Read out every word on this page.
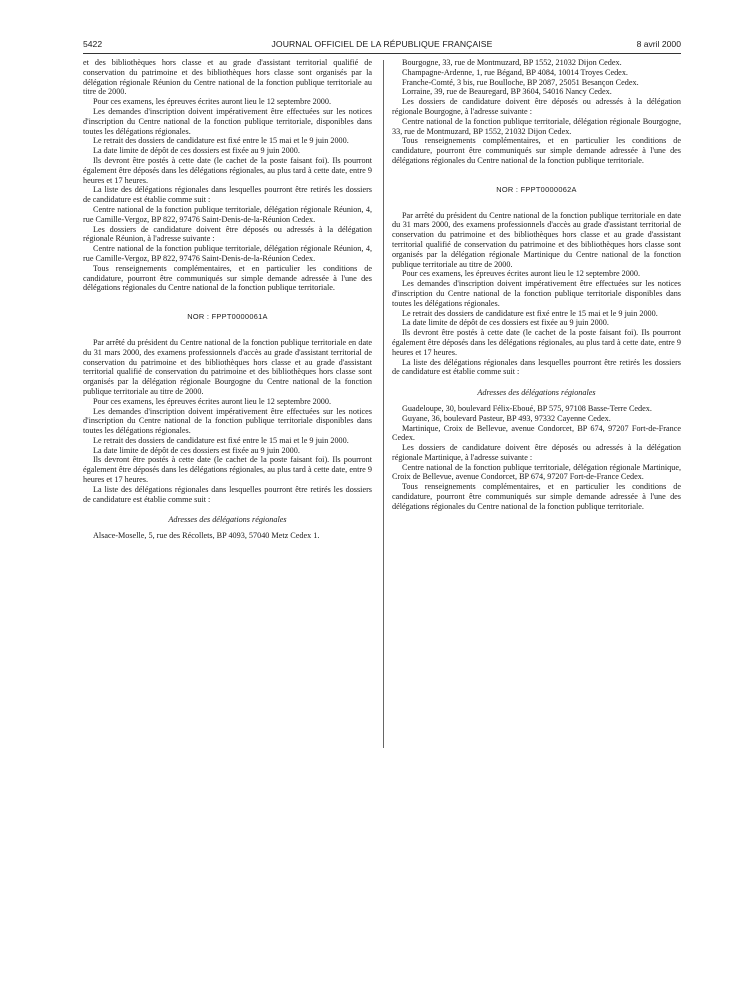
5422	JOURNAL OFFICIEL DE LA RÉPUBLIQUE FRANÇAISE	8 avril 2000

et des bibliothèques hors classe et au grade d'assistant territorial qualifié de conservation du patrimoine et des bibliothèques hors classe sont organisés par la délégation régionale Réunion du Centre national de la fonction publique territoriale au titre de 2000.

Pour ces examens, les épreuves écrites auront lieu le 12 septembre 2000.

Les demandes d'inscription doivent impérativement être effectuées sur les notices d'inscription du Centre national de la fonction publique territoriale, disponibles dans toutes les délégations régionales.

Le retrait des dossiers de candidature est fixé entre le 15 mai et le 9 juin 2000.

La date limite de dépôt de ces dossiers est fixée au 9 juin 2000.

Ils devront être postés à cette date (le cachet de la poste faisant foi). Ils pourront également être déposés dans les délégations régionales, au plus tard à cette date, entre 9 heures et 17 heures.

La liste des délégations régionales dans lesquelles pourront être retirés les dossiers de candidature est établie comme suit :

Centre national de la fonction publique territoriale, délégation régionale Réunion, 4, rue Camille-Vergoz, BP 822, 97476 Saint-Denis-de-la-Réunion Cedex.

Les dossiers de candidature doivent être déposés ou adressés à la délégation régionale Réunion, à l'adresse suivante :

Centre national de la fonction publique territoriale, délégation régionale Réunion, 4, rue Camille-Vergoz, BP 822, 97476 Saint-Denis-de-la-Réunion Cedex.

Tous renseignements complémentaires, et en particulier les conditions de candidature, pourront être communiqués sur simple demande adressée à l'une des délégations régionales du Centre national de la fonction publique territoriale.

NOR : FPPT0000061A

Par arrêté du président du Centre national de la fonction publique territoriale en date du 31 mars 2000, des examens professionnels d'accès au grade d'assistant territorial de conservation du patrimoine et des bibliothèques hors classe et au grade d'assistant territorial qualifié de conservation du patrimoine et des bibliothèques hors classe sont organisés par la délégation régionale Bourgogne du Centre national de la fonction publique territoriale au titre de 2000.

Pour ces examens, les épreuves écrites auront lieu le 12 septembre 2000.

Les demandes d'inscription doivent impérativement être effectuées sur les notices d'inscription du Centre national de la fonction publique territoriale disponibles dans toutes les délégations régionales.

Le retrait des dossiers de candidature est fixé entre le 15 mai et le 9 juin 2000.

La date limite de dépôt de ces dossiers est fixée au 9 juin 2000.

Ils devront être postés à cette date (le cachet de la poste faisant foi). Ils pourront également être déposés dans les délégations régionales, au plus tard à cette date, entre 9 heures et 17 heures.

La liste des délégations régionales dans lesquelles pourront être retirés les dossiers de candidature est établie comme suit :

Adresses des délégations régionales

Alsace-Moselle, 5, rue des Récollets, BP 4093, 57040 Metz Cedex 1.

Bourgogne, 33, rue de Montmuzard, BP 1552, 21032 Dijon Cedex.

Champagne-Ardenne, 1, rue Bégand, BP 4084, 10014 Troyes Cedex.

Franche-Comté, 3 bis, rue Boulloche, BP 2087, 25051 Besançon Cedex.

Lorraine, 39, rue de Beauregard, BP 3604, 54016 Nancy Cedex.

Les dossiers de candidature doivent être déposés ou adressés à la délégation régionale Bourgogne, à l'adresse suivante :

Centre national de la fonction publique territoriale, délégation régionale Bourgogne, 33, rue de Montmuzard, BP 1552, 21032 Dijon Cedex.

Tous renseignements complémentaires, et en particulier les conditions de candidature, pourront être communiqués sur simple demande adressée à l'une des délégations régionales du Centre national de la fonction publique territoriale.

NOR : FPPT0000062A

Par arrêté du président du Centre national de la fonction publique territoriale en date du 31 mars 2000, des examens professionnels d'accès au grade d'assistant territorial de conservation du patrimoine et des bibliothèques hors classe et au grade d'assistant territorial qualifié de conservation du patrimoine et des bibliothèques hors classe sont organisés par la délégation régionale Martinique du Centre national de la fonction publique territoriale au titre de 2000.

Pour ces examens, les épreuves écrites auront lieu le 12 septembre 2000.

Les demandes d'inscription doivent impérativement être effectuées sur les notices d'inscription du Centre national de la fonction publique territoriale disponibles dans toutes les délégations régionales.

Le retrait des dossiers de candidature est fixé entre le 15 mai et le 9 juin 2000.

La date limite de dépôt de ces dossiers est fixée au 9 juin 2000.

Ils devront être postés à cette date (le cachet de la poste faisant foi). Ils pourront également être déposés dans les délégations régionales, au plus tard à cette date, entre 9 heures et 17 heures.

La liste des délégations régionales dans lesquelles pourront être retirés les dossiers de candidature est établie comme suit :

Adresses des délégations régionales

Guadeloupe, 30, boulevard Félix-Eboué, BP 575, 97108 Basse-Terre Cedex.

Guyane, 36, boulevard Pasteur, BP 493, 97332 Cayenne Cedex.

Martinique, Croix de Bellevue, avenue Condorcet, BP 674, 97207 Fort-de-France Cedex.

Les dossiers de candidature doivent être déposés ou adressés à la délégation régionale Martinique, à l'adresse suivante :

Centre national de la fonction publique territoriale, délégation régionale Martinique, Croix de Bellevue, avenue Condorcet, BP 674, 97207 Fort-de-France Cedex.

Tous renseignements complémentaires, et en particulier les conditions de candidature, pourront être communiqués sur simple demande adressée à l'une des délégations régionales du Centre national de la fonction publique territoriale.
